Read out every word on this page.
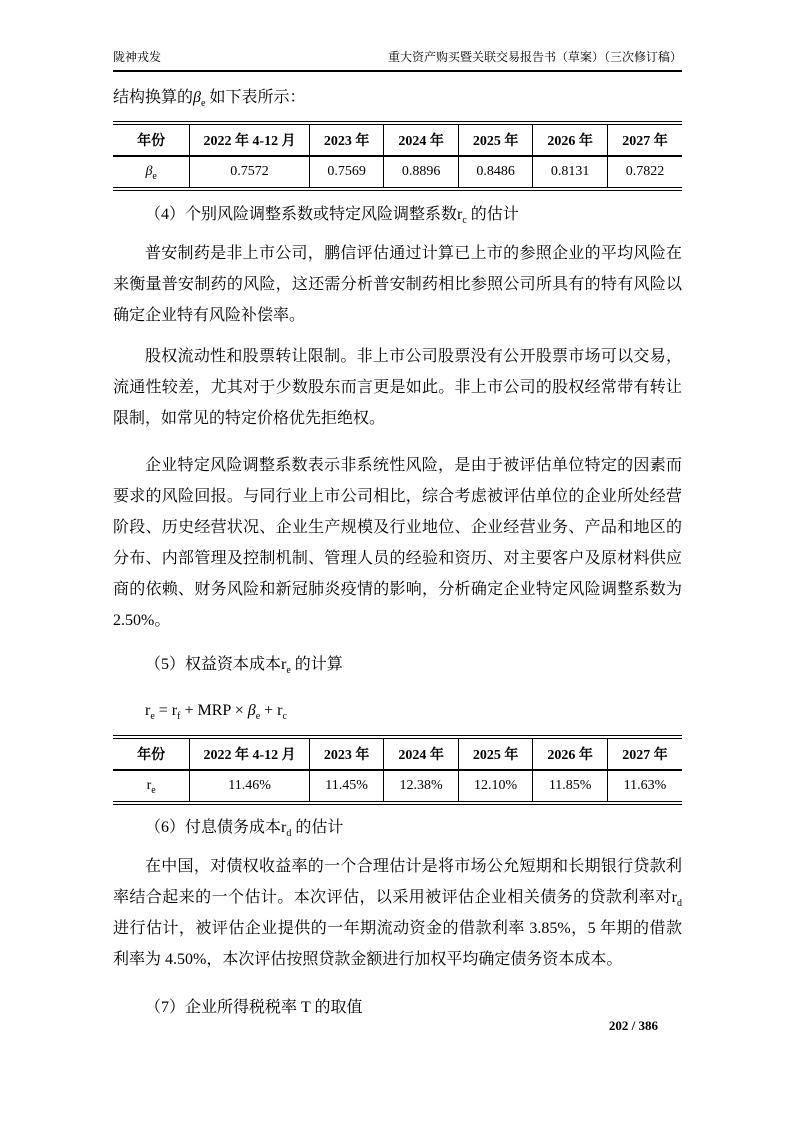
陇神戎发	重大资产购买暨关联交易报告书（草案）（三次修订稿）

结构换算的$\beta_e$ 如下表所示：

年份	2022 年 4-12 月	2023 年	2024 年	2025 年	2026 年	2027 年
$\beta_e$	0.7572	0.7569	0.8896	0.8486	0.8131	0.7822

（4）个别风险调整系数或特定风险调整系数$r_c$ 的估计

普安制药是非上市公司，鹏信评估通过计算已上市的参照企业的平均风险在来衡量普安制药的风险，这还需分析普安制药相比参照公司所具有的特有风险以确定企业特有风险补偿率。

股权流动性和股票转让限制。非上市公司股票没有公开股票市场可以交易，流通性较差，尤其对于少数股东而言更是如此。非上市公司的股权经常带有转让限制，如常见的特定价格优先拒绝权。

企业特定风险调整系数表示非系统性风险，是由于被评估单位特定的因素而要求的风险回报。与同行业上市公司相比，综合考虑被评估单位的企业所处经营阶段、历史经营状况、企业生产规模及行业地位、企业经营业务、产品和地区的分布、内部管理及控制机制、管理人员的经验和资历、对主要客户及原材料供应商的依赖、财务风险和新冠肺炎疫情的影响，分析确定企业特定风险调整系数为 2.50%。

（5）权益资本成本$r_e$ 的计算

$r_e = r_f$ + MRP × $\beta_e + r_c$

年份	2022 年 4-12 月	2023 年	2024 年	2025 年	2026 年	2027 年
$r_e$	11.46%	11.45%	12.38%	12.10%	11.85%	11.63%

（6）付息债务成本$r_d$ 的估计

在中国，对债权收益率的一个合理估计是将市场公允短期和长期银行贷款利率结合起来的一个估计。本次评估，以采用被评估企业相关债务的贷款利率对$r_d$进行估计，被评估企业提供的一年期流动资金的借款利率 3.85%，5 年期的借款利率为 4.50%，本次评估按照贷款金额进行加权平均确定债务资本成本。

（7）企业所得税税率 T 的取值

202 / 386
